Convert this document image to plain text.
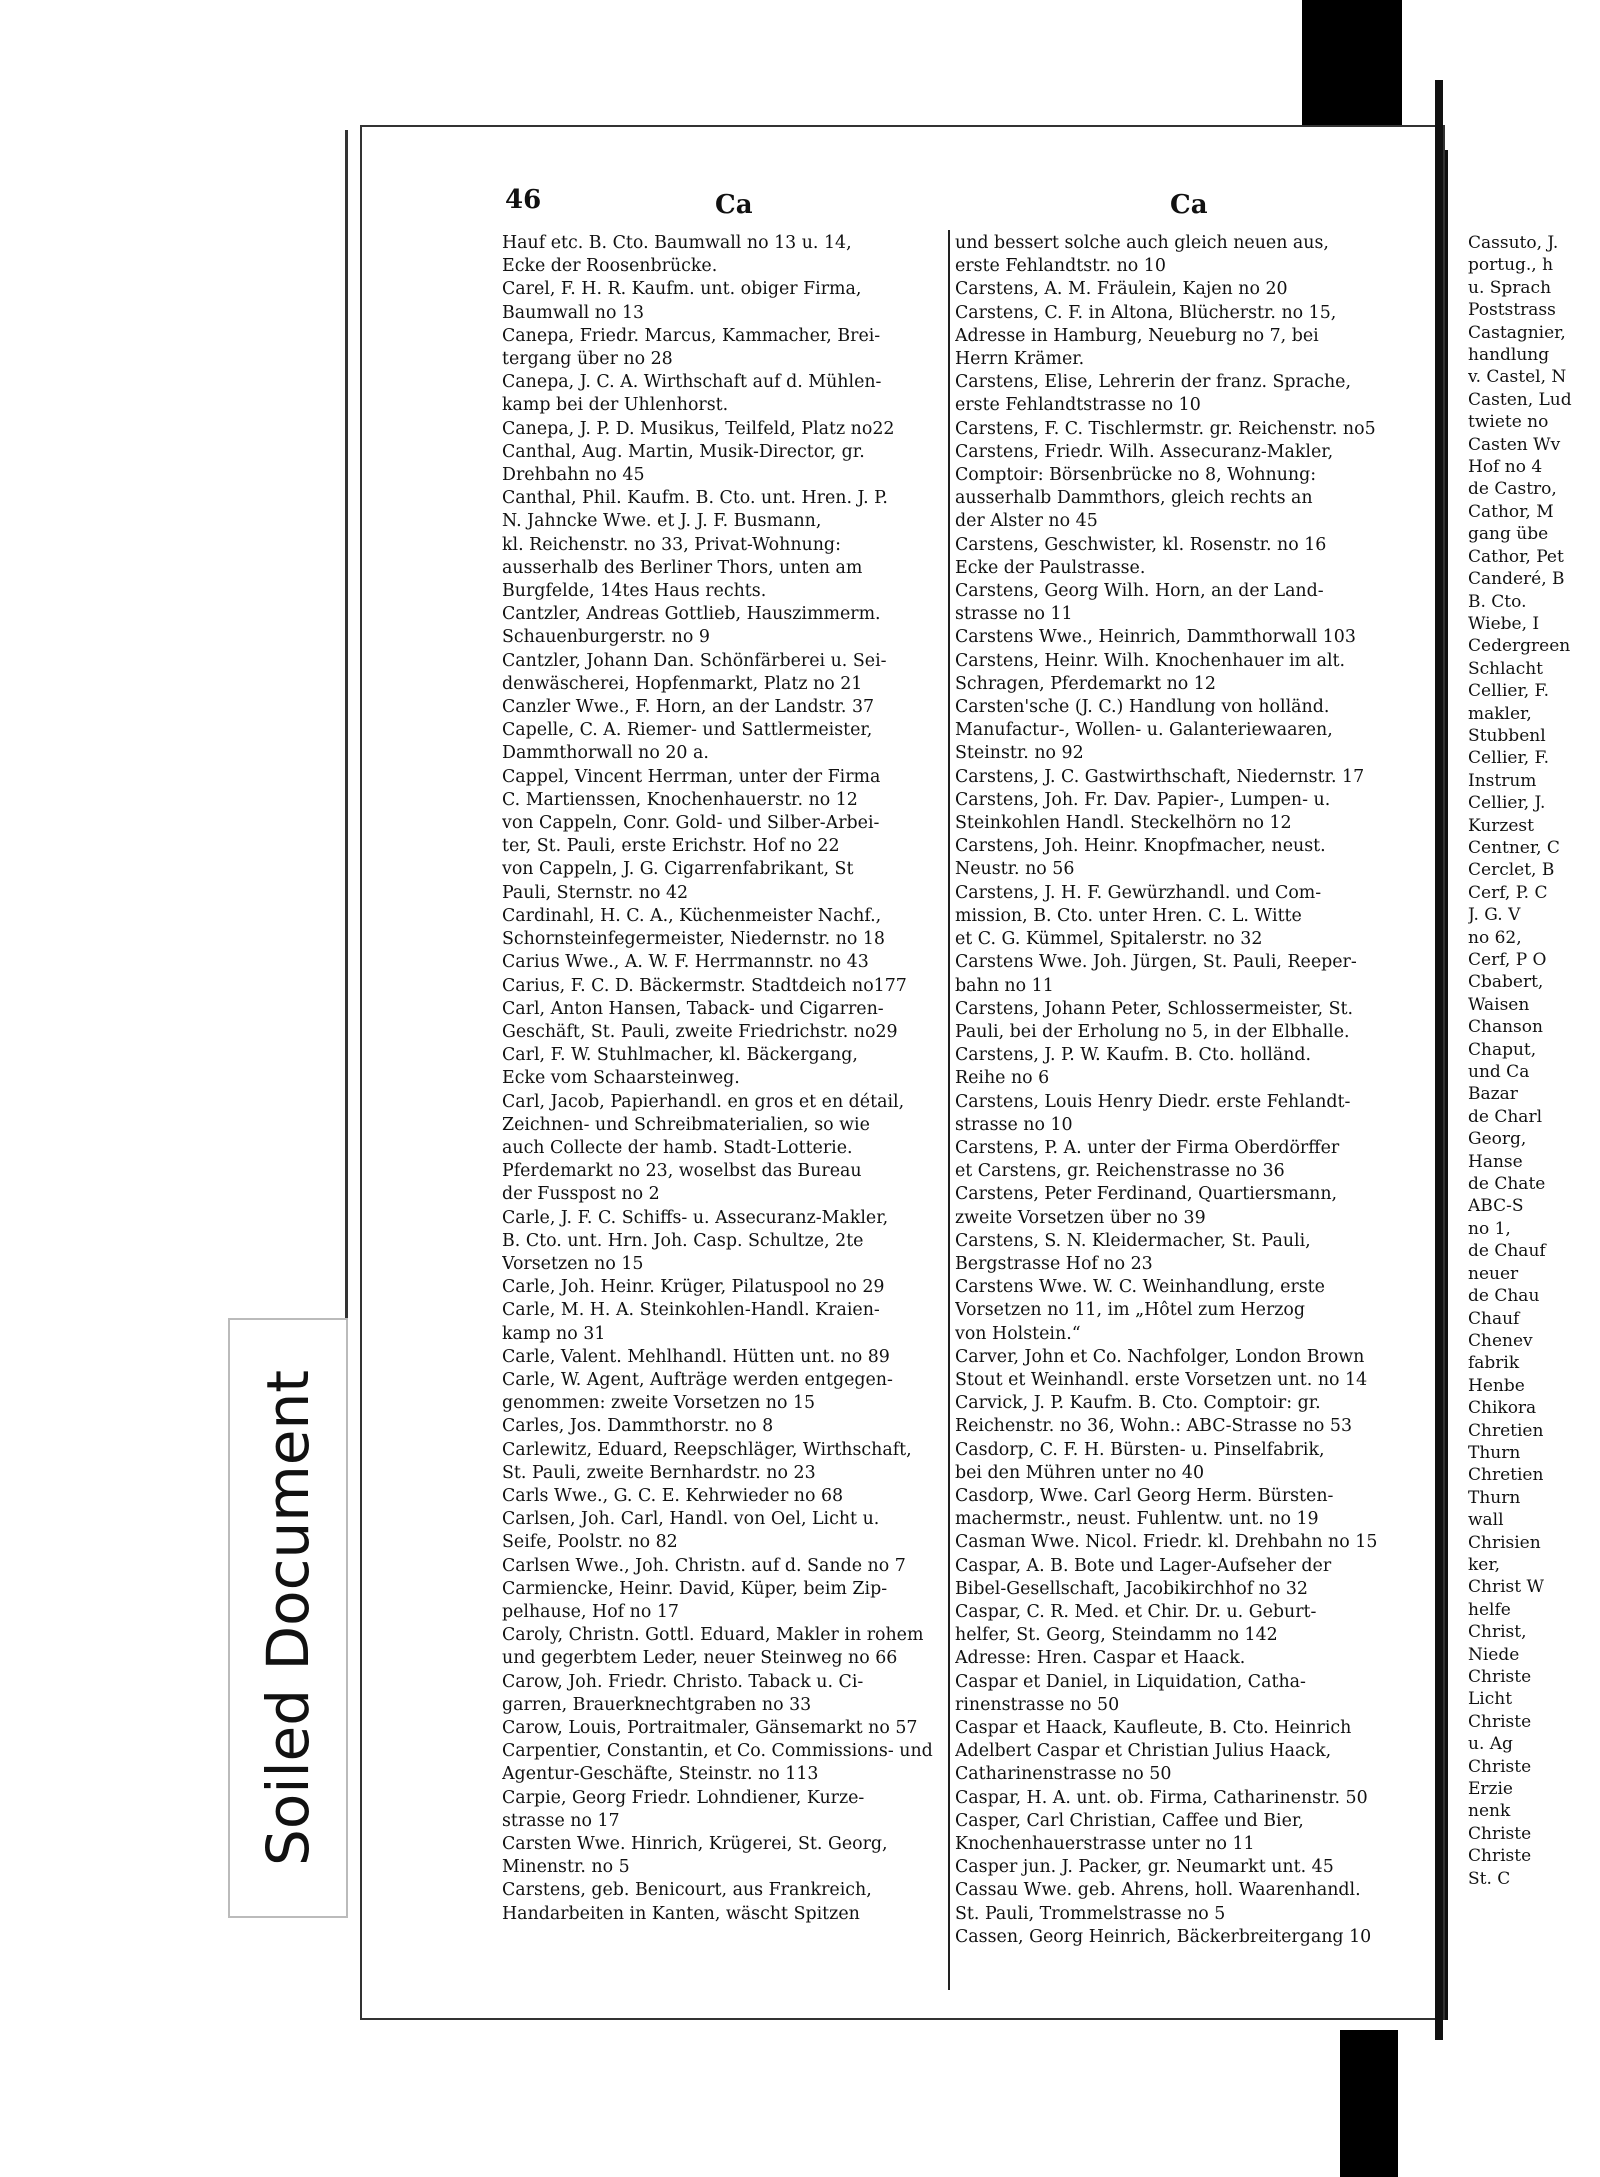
46	Ca	Ca
Hauf etc. B. Cto. Baumwall no 13 u. 14,
Ecke der Roosenbrücke.
Carel, F. H. R. Kaufm. unt. obiger Firma,
Baumwall no 13
Canepa, Friedr. Marcus, Kammacher, Brei-
tergang über no 28
Canepa, J. C. A. Wirthschaft auf d. Mühlen-
kamp bei der Uhlenhorst.
Canepa, J. P. D. Musikus, Teilfeld, Platz no22
Canthal, Aug. Martin, Musik-Director, gr.
Drehbahn no 45
Canthal, Phil. Kaufm. B. Cto. unt. Hren. J. P.
N. Jahncke Wwe. et J. J. F. Busmann,
kl. Reichenstr. no 33, Privat-Wohnung:
ausserhalb des Berliner Thors, unten am
Burgfelde, 14tes Haus rechts.
Cantzler, Andreas Gottlieb, Hauszimmerm.
Schauenburgerstr. no 9
Cantzler, Johann Dan. Schönfärberei u. Sei-
denwäscherei, Hopfenmarkt, Platz no 21
Canzler Wwe., F. Horn, an der Landstr. 37
Capelle, C. A. Riemer- und Sattlermeister,
Dammthorwall no 20 a.
Cappel, Vincent Herrman, unter der Firma
C. Martienssen, Knochenhauerstr. no 12
von Cappeln, Conr. Gold- und Silber-Arbei-
ter, St. Pauli, erste Erichstr. Hof no 22
von Cappeln, J. G. Cigarrenfabrikant, St
Pauli, Sternstr. no 42
Cardinahl, H. C. A., Küchenmeister Nachf.,
Schornsteinfegermeister, Niedernstr. no 18
Carius Wwe., A. W. F. Herrmannstr. no 43
Carius, F. C. D. Bäckermstr. Stadtdeich no177
Carl, Anton Hansen, Taback- und Cigarren-
Geschäft, St. Pauli, zweite Friedrichstr. no29
Carl, F. W. Stuhlmacher, kl. Bäckergang,
Ecke vom Schaarsteinweg.
Carl, Jacob, Papierhandl. en gros et en détail,
Zeichnen- und Schreibmaterialien, so wie
auch Collecte der hamb. Stadt-Lotterie.
Pferdemarkt no 23, woselbst das Bureau
der Fusspost no 2
Carle, J. F. C. Schiffs- u. Assecuranz-Makler,
B. Cto. unt. Hrn. Joh. Casp. Schultze, 2te
Vorsetzen no 15
Carle, Joh. Heinr. Krüger, Pilatuspool no 29
Carle, M. H. A. Steinkohlen-Handl. Kraien-
kamp no 31
Carle, Valent. Mehlhandl. Hütten unt. no 89
Carle, W. Agent, Aufträge werden entgegen-
genommen: zweite Vorsetzen no 15
Carles, Jos. Dammthorstr. no 8
Carlewitz, Eduard, Reepschläger, Wirthschaft,
St. Pauli, zweite Bernhardstr. no 23
Carls Wwe., G. C. E. Kehrwieder no 68
Carlsen, Joh. Carl, Handl. von Oel, Licht u.
Seife, Poolstr. no 82
Carlsen Wwe., Joh. Christn. auf d. Sande no 7
Carmiencke, Heinr. David, Küper, beim Zip-
pelhause, Hof no 17
Caroly, Christn. Gottl. Eduard, Makler in rohem
und gegerbtem Leder, neuer Steinweg no 66
Carow, Joh. Friedr. Christo. Taback u. Ci-
garren, Brauerknechtgraben no 33
Carow, Louis, Portraitmaler, Gänsemarkt no 57
Carpentier, Constantin, et Co. Commissions- und
Agentur-Geschäfte, Steinstr. no 113
Carpie, Georg Friedr. Lohndiener, Kurze-
strasse no 17
Carsten Wwe. Hinrich, Krügerei, St. Georg,
Minenstr. no 5
Carstens, geb. Benicourt, aus Frankreich,
Handarbeiten in Kanten, wäscht Spitzen
und bessert solche auch gleich neuen aus,
erste Fehlandtstr. no 10
Carstens, A. M. Fräulein, Kajen no 20
Carstens, C. F. in Altona, Blücherstr. no 15,
Adresse in Hamburg, Neueburg no 7, bei
Herrn Krämer.
Carstens, Elise, Lehrerin der franz. Sprache,
erste Fehlandtstrasse no 10
Carstens, F. C. Tischlermstr. gr. Reichenstr. no5
Carstens, Friedr. Wilh. Assecuranz-Makler,
Comptoir: Börsenbrücke no 8, Wohnung:
ausserhalb Dammthors, gleich rechts an
der Alster no 45
Carstens, Geschwister, kl. Rosenstr. no 16
Ecke der Paulstrasse.
Carstens, Georg Wilh. Horn, an der Land-
strasse no 11
Carstens Wwe., Heinrich, Dammthorwall 103
Carstens, Heinr. Wilh. Knochenhauer im alt.
Schragen, Pferdemarkt no 12
Carsten'sche (J. C.) Handlung von holländ.
Manufactur-, Wollen- u. Galanteriewaaren,
Steinstr. no 92
Carstens, J. C. Gastwirthschaft, Niedernstr. 17
Carstens, Joh. Fr. Dav. Papier-, Lumpen- u.
Steinkohlen Handl. Steckelhörn no 12
Carstens, Joh. Heinr. Knopfmacher, neust.
Neustr. no 56
Carstens, J. H. F. Gewürzhandl. und Com-
mission, B. Cto. unter Hren. C. L. Witte
et C. G. Kümmel, Spitalerstr. no 32
Carstens Wwe. Joh. Jürgen, St. Pauli, Reeper-
bahn no 11
Carstens, Johann Peter, Schlossermeister, St.
Pauli, bei der Erholung no 5, in der Elbhalle.
Carstens, J. P. W. Kaufm. B. Cto. holländ.
Reihe no 6
Carstens, Louis Henry Diedr. erste Fehlandt-
strasse no 10
Carstens, P. A. unter der Firma Oberdörffer
et Carstens, gr. Reichenstrasse no 36
Carstens, Peter Ferdinand, Quartiersmann,
zweite Vorsetzen über no 39
Carstens, S. N. Kleidermacher, St. Pauli,
Bergstrasse Hof no 23
Carstens Wwe. W. C. Weinhandlung, erste
Vorsetzen no 11, im „Hôtel zum Herzog
von Holstein.“
Carver, John et Co. Nachfolger, London Brown
Stout et Weinhandl. erste Vorsetzen unt. no 14
Carvick, J. P. Kaufm. B. Cto. Comptoir: gr.
Reichenstr. no 36, Wohn.: ABC-Strasse no 53
Casdorp, C. F. H. Bürsten- u. Pinselfabrik,
bei den Mühren unter no 40
Casdorp, Wwe. Carl Georg Herm. Bürsten-
machermstr., neust. Fuhlentw. unt. no 19
Casman Wwe. Nicol. Friedr. kl. Drehbahn no 15
Caspar, A. B. Bote und Lager-Aufseher der
Bibel-Gesellschaft, Jacobikirchhof no 32
Caspar, C. R. Med. et Chir. Dr. u. Geburt-
helfer, St. Georg, Steindamm no 142
Adresse: Hren. Caspar et Haack.
Caspar et Daniel, in Liquidation, Catha-
rinenstrasse no 50
Caspar et Haack, Kaufleute, B. Cto. Heinrich
Adelbert Caspar et Christian Julius Haack,
Catharinenstrasse no 50
Caspar, H. A. unt. ob. Firma, Catharinenstr. 50
Casper, Carl Christian, Caffee und Bier,
Knochenhauerstrasse unter no 11
Casper jun. J. Packer, gr. Neumarkt unt. 45
Cassau Wwe. geb. Ahrens, holl. Waarenhandl.
St. Pauli, Trommelstrasse no 5
Cassen, Georg Heinrich, Bäckerbreitergang 10
Cassuto, J.
portug., h
u. Sprach
Poststrass
Castagnier,
handlung
v. Castel, N
Casten, Lud
twiete no
Casten Wv
Hof no 4
de Castro,
Cathor, M
gang übe
Cathor, Pet
Canderé, B
B. Cto.
Wiebe, I
Cedergreen
Schlacht
Cellier, F.
makler,
Stubbenl
Cellier, F.
Instrum
Cellier, J.
Kurzest
Centner, C
Cerclet, B
Cerf, P. C
J. G. V
no 62,
Cerf, P O
Cbabert,
Waisen
Chanson
Chaput,
und Ca
Bazar
de Charl
Georg,
Hanse
de Chate
ABC-S
no 1,
de Chauf
neuer
de Chau
Chauf
Chenev
fabrik
Henbe
Chikora
Chretien
Thurn
Chretien
Thurn
wall
Chrisien
ker,
Christ W
helfe
Christ,
Niede
Christe
Licht
Christe
u. Ag
Christe
Erzie
nenk
Christe
Christe
St. C
Soiled Document
